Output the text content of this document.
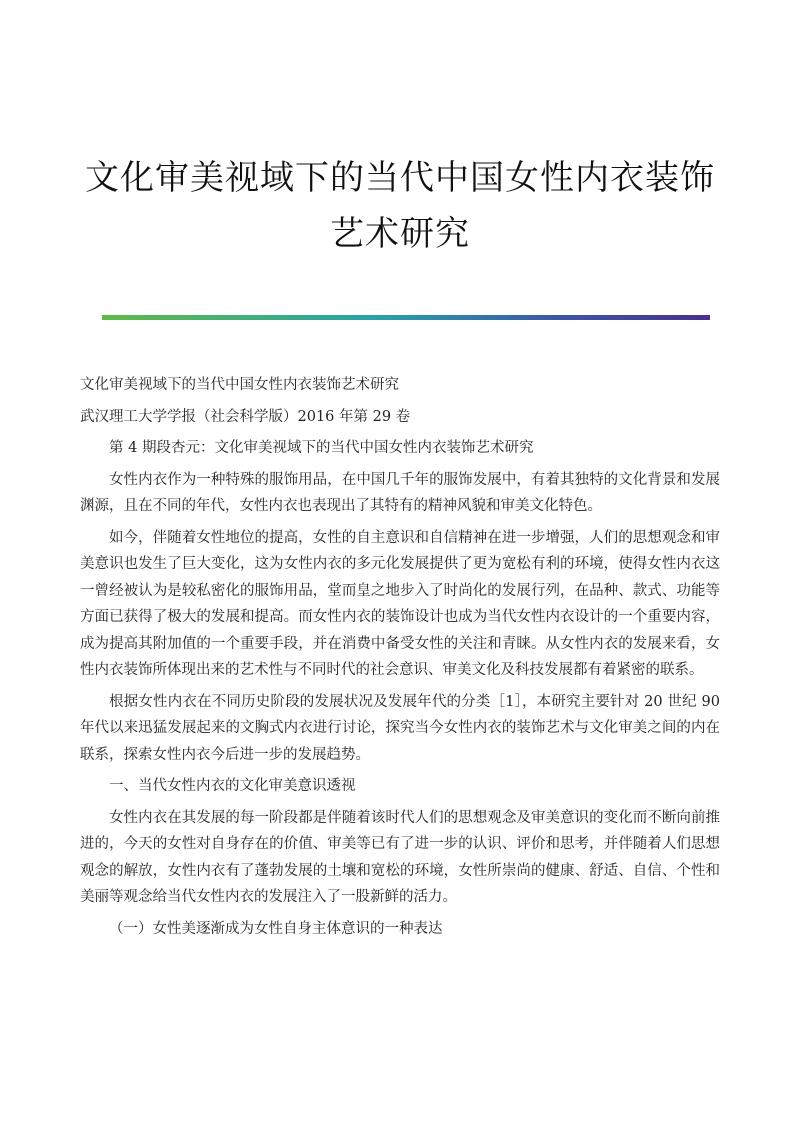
文化审美视域下的当代中国女性内衣装饰艺术研究

文化审美视域下的当代中国女性内衣装饰艺术研究

武汉理工大学学报（社会科学版）2016 年第 29 卷

第 4 期段杏元：文化审美视域下的当代中国女性内衣装饰艺术研究

女性内衣作为一种特殊的服饰用品，在中国几千年的服饰发展中，有着其独特的文化背景和发展渊源，且在不同的年代，女性内衣也表现出了其特有的精神风貌和审美文化特色。

如今，伴随着女性地位的提高，女性的自主意识和自信精神在进一步增强，人们的思想观念和审美意识也发生了巨大变化，这为女性内衣的多元化发展提供了更为宽松有利的环境，使得女性内衣这一曾经被认为是较私密化的服饰用品，堂而皇之地步入了时尚化的发展行列，在品种、款式、功能等方面已获得了极大的发展和提高。而女性内衣的装饰设计也成为当代女性内衣设计的一个重要内容，成为提高其附加值的一个重要手段，并在消费中备受女性的关注和青睐。从女性内衣的发展来看，女性内衣装饰所体现出来的艺术性与不同时代的社会意识、审美文化及科技发展都有着紧密的联系。

根据女性内衣在不同历史阶段的发展状况及发展年代的分类［1］，本研究主要针对 20 世纪 90 年代以来迅猛发展起来的文胸式内衣进行讨论，探究当今女性内衣的装饰艺术与文化审美之间的内在联系，探索女性内衣今后进一步的发展趋势。

一、当代女性内衣的文化审美意识透视

女性内衣在其发展的每一阶段都是伴随着该时代人们的思想观念及审美意识的变化而不断向前推进的，今天的女性对自身存在的价值、审美等已有了进一步的认识、评价和思考，并伴随着人们思想观念的解放，女性内衣有了蓬勃发展的土壤和宽松的环境，女性所崇尚的健康、舒适、自信、个性和美丽等观念给当代女性内衣的发展注入了一股新鲜的活力。

（一）女性美逐渐成为女性自身主体意识的一种表达
